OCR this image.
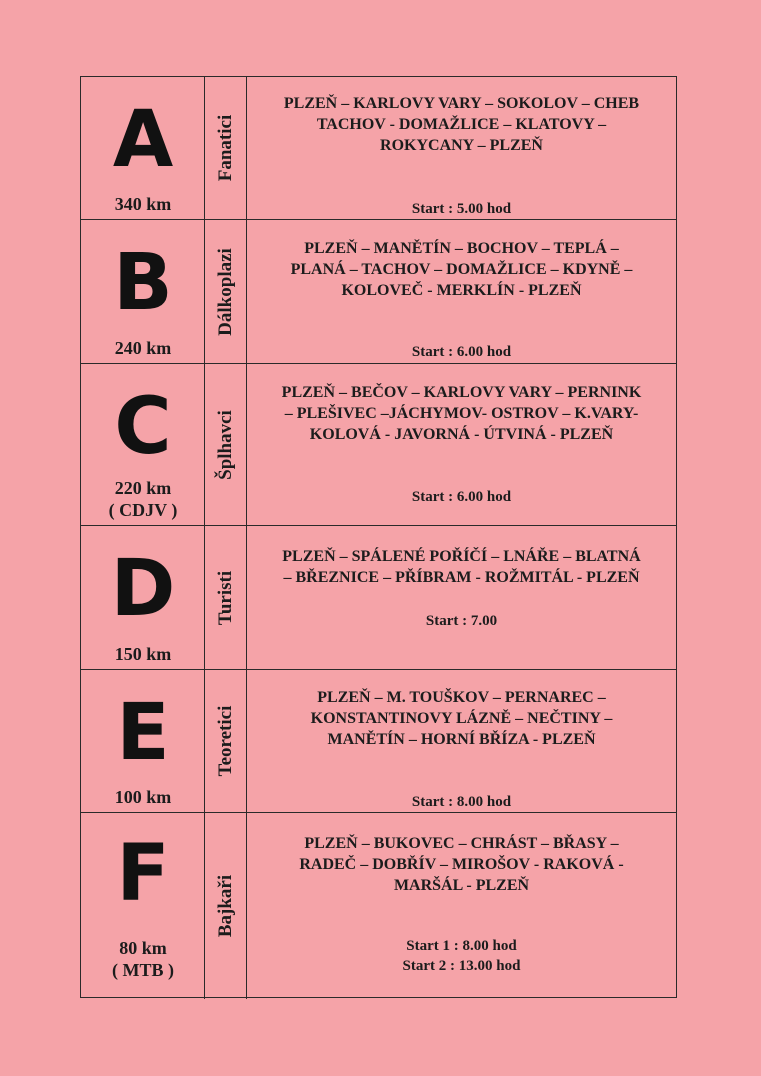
A
340 km
Fanatici
PLZEŇ – KARLOVY VARY – SOKOLOV – CHEB
TACHOV - DOMAŽLICE – KLATOVY –
ROKYCANY – PLZEŇ
Start : 5.00 hod
B
240 km
Dálkoplazi	PLZEŇ – MANĚTÍN – BOCHOV – TEPLÁ –
PLANÁ – TACHOV – DOMAŽLICE – KDYNĚ –
KOLOVEČ - MERKLÍN - PLZEŇ
Start : 6.00 hod
C
220 km
( CDJV )
Šplhavci
PLZEŇ – BEČOV – KARLOVY VARY – PERNINK
– PLEŠIVEC –JÁCHYMOV- OSTROV – K.VARY-
KOLOVÁ - JAVORNÁ - ÚTVINÁ - PLZEŇ
Start : 6.00 hod
D
150 km
Turisti
PLZEŇ – SPÁLENÉ POŘÍČÍ – LNÁŘE – BLATNÁ
– BŘEZNICE – PŘÍBRAM - ROŽMITÁL - PLZEŇ
Start : 7.00
E
100 km
Teoretici
PLZEŇ – M. TOUŠKOV – PERNAREC –
KONSTANTINOVY LÁZNĚ – NEČTINY –
MANĚTÍN – HORNÍ BŘÍZA - PLZEŇ
Start : 8.00 hod
F
80 km
( MTB )
Bajkaři
PLZEŇ – BUKOVEC – CHRÁST – BŘASY –
RADEČ – DOBŘÍV – MIROŠOV - RAKOVÁ -
MARŠÁL - PLZEŇ
Start 1 : 8.00 hod
Start 2 : 13.00 hod
